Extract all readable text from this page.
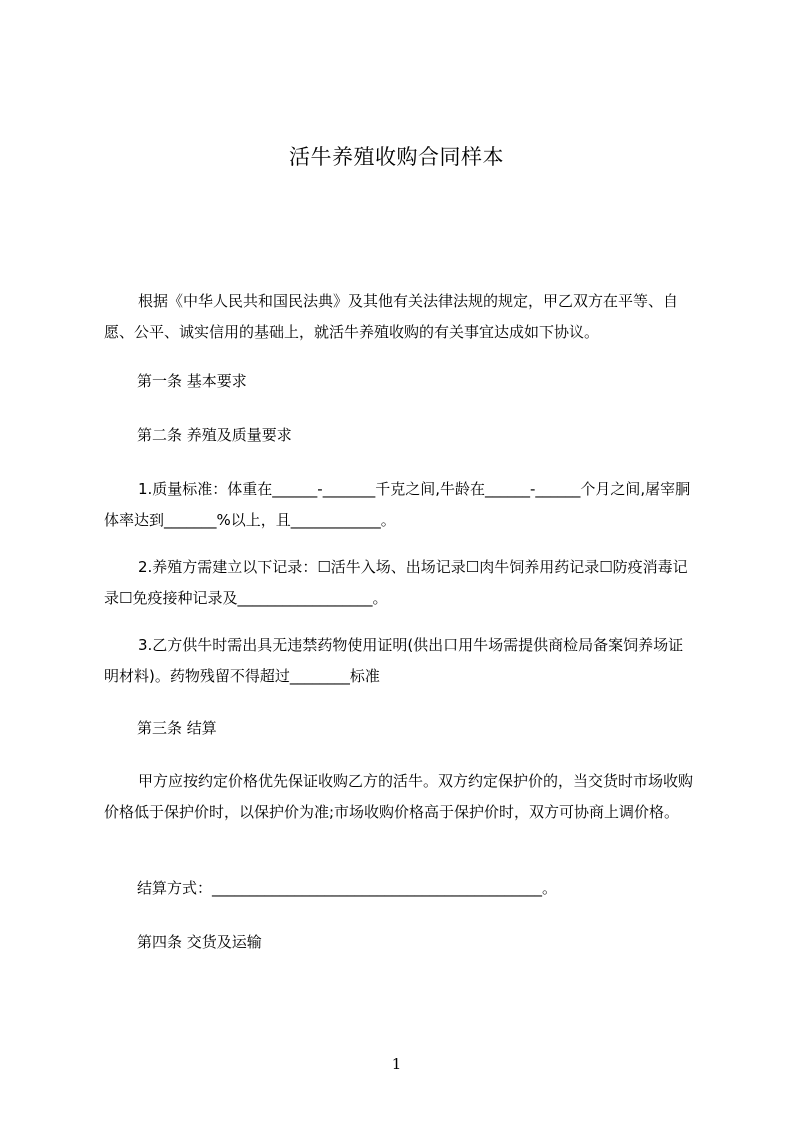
活牛养殖收购合同样本

根据《中华人民共和国民法典》及其他有关法律法规的规定，甲乙双方在平等、自愿、公平、诚实信用的基础上，就活牛养殖收购的有关事宜达成如下协议。

第一条 基本要求
第二条 养殖及质量要求

1.质量标准：体重在______-_______千克之间,牛龄在______-______个月之间,屠宰胴体率达到_______%以上，且____________。

2.养殖方需建立以下记录：☐活牛入场、出场记录☐肉牛饲养用药记录☐防疫消毒记录☐免疫接种记录及__________________。

3.乙方供牛时需出具无违禁药物使用证明(供出口用牛场需提供商检局备案饲养场证明材料)。药物残留不得超过________标准

第三条 结算

甲方应按约定价格优先保证收购乙方的活牛。双方约定保护价的，当交货时市场收购价格低于保护价时，以保护价为准;市场收购价格高于保护价时，双方可协商上调价格。

结算方式：____________________________________________。
第四条 交货及运输
1
